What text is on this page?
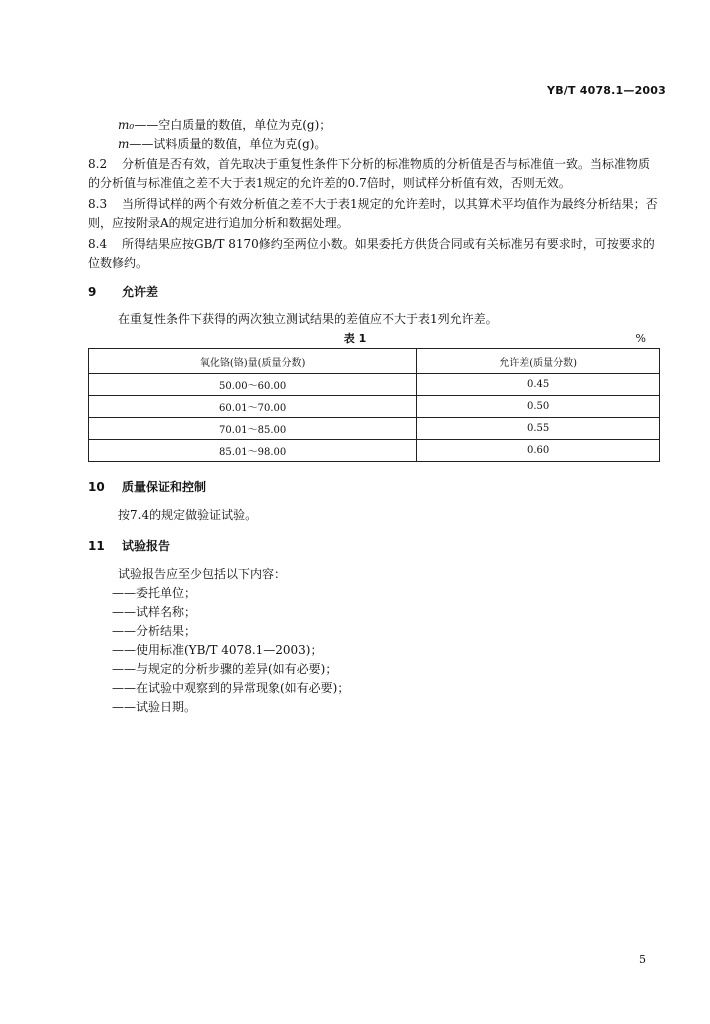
YB/T 4078.1—2003
m₀——空白质量的数值，单位为克(g)；
m——试料质量的数值，单位为克(g)。
8.2 分析值是否有效，首先取决于重复性条件下分析的标准物质的分析值是否与标准值一致。当标准物质的分析值与标准值之差不大于表1规定的允许差的0.7倍时，则试样分析值有效，否则无效。
8.3 当所得试样的两个有效分析值之差不大于表1规定的允许差时，以其算术平均值作为最终分析结果；否则，应按附录A的规定进行追加分析和数据处理。
8.4 所得结果应按GB/T 8170修约至两位小数。如果委托方供货合同或有关标准另有要求时，可按要求的位数修约。
9 允许差
在重复性条件下获得的两次独立测试结果的差值应不大于表1列允许差。
表 1	%
氧化铬(铬)量(质量分数)	允许差(质量分数)
50.00～60.00	0.45
60.01～70.00	0.50
70.01～85.00	0.55
85.01～98.00	0.60
10 质量保证和控制
按7.4的规定做验证试验。
11 试验报告
试验报告应至少包括以下内容：
——委托单位；
——试样名称；
——分析结果；
——使用标准(YB/T 4078.1—2003)；
——与规定的分析步骤的差异(如有必要)；
——在试验中观察到的异常现象(如有必要)；
——试验日期。
5
